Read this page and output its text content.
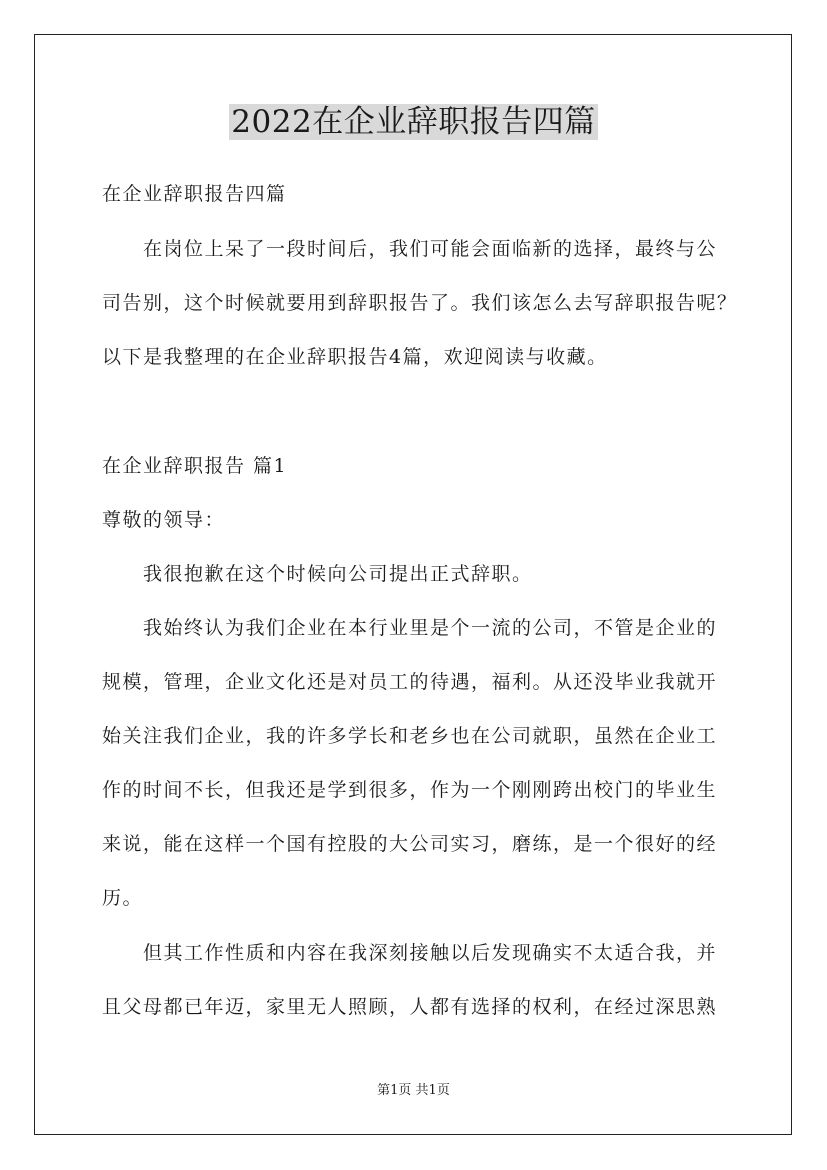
2022在企业辞职报告四篇
在企业辞职报告四篇
在岗位上呆了一段时间后，我们可能会面临新的选择，最终与公
司告别，这个时候就要用到辞职报告了。我们该怎么去写辞职报告呢？
以下是我整理的在企业辞职报告4篇，欢迎阅读与收藏。
在企业辞职报告 篇1
尊敬的领导：
我很抱歉在这个时候向公司提出正式辞职。
我始终认为我们企业在本行业里是个一流的公司，不管是企业的
规模，管理，企业文化还是对员工的待遇，福利。从还没毕业我就开
始关注我们企业，我的许多学长和老乡也在公司就职，虽然在企业工
作的时间不长，但我还是学到很多，作为一个刚刚跨出校门的毕业生
来说，能在这样一个国有控股的大公司实习，磨练，是一个很好的经
历。
但其工作性质和内容在我深刻接触以后发现确实不太适合我，并
且父母都已年迈，家里无人照顾，人都有选择的权利，在经过深思熟
第1页 共1页
